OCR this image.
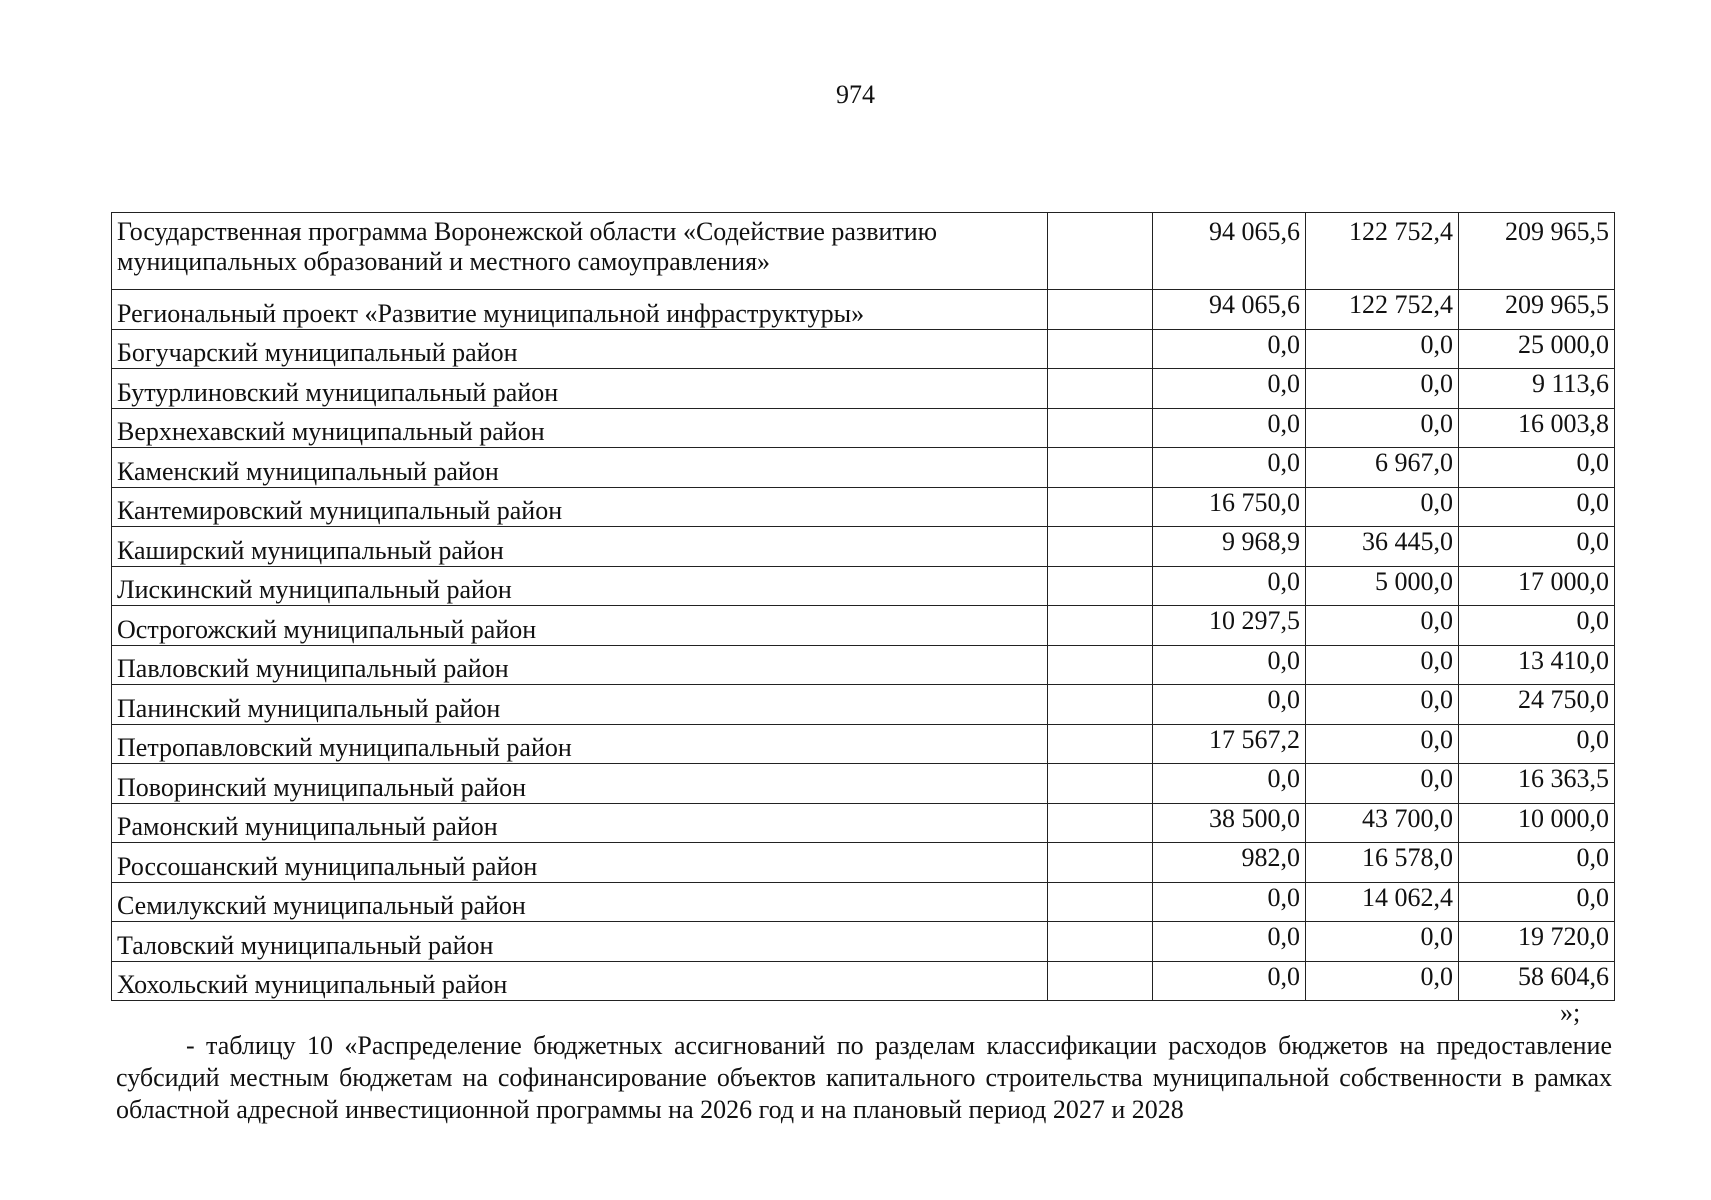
974
Государственная программа Воронежской области «Содействие развитию муниципальных образований и местного самоуправления»		94 065,6	122 752,4	209 965,5
Региональный проект «Развитие муниципальной инфраструктуры»		94 065,6	122 752,4	209 965,5
Богучарский муниципальный район		0,0	0,0	25 000,0
Бутурлиновский муниципальный район		0,0	0,0	9 113,6
Верхнехавский муниципальный район		0,0	0,0	16 003,8
Каменский муниципальный район		0,0	6 967,0	0,0
Кантемировский муниципальный район		16 750,0	0,0	0,0
Каширский муниципальный район		9 968,9	36 445,0	0,0
Лискинский муниципальный район		0,0	5 000,0	17 000,0
Острогожский муниципальный район		10 297,5	0,0	0,0
Павловский муниципальный район		0,0	0,0	13 410,0
Панинский муниципальный район		0,0	0,0	24 750,0
Петропавловский муниципальный район		17 567,2	0,0	0,0
Поворинский муниципальный район		0,0	0,0	16 363,5
Рамонский муниципальный район		38 500,0	43 700,0	10 000,0
Россошанский муниципальный район		982,0	16 578,0	0,0
Семилукский муниципальный район		0,0	14 062,4	0,0
Таловский муниципальный район		0,0	0,0	19 720,0
Хохольский муниципальный район		0,0	0,0	58 604,6
»;
- таблицу 10 «Распределение бюджетных ассигнований по разделам классификации расходов бюджетов на предоставление субсидий местным бюджетам на софинансирование объектов капитального строительства муниципальной собственности в рамках областной адресной инвестиционной программы на 2026 год и на плановый период 2027 и 2028
